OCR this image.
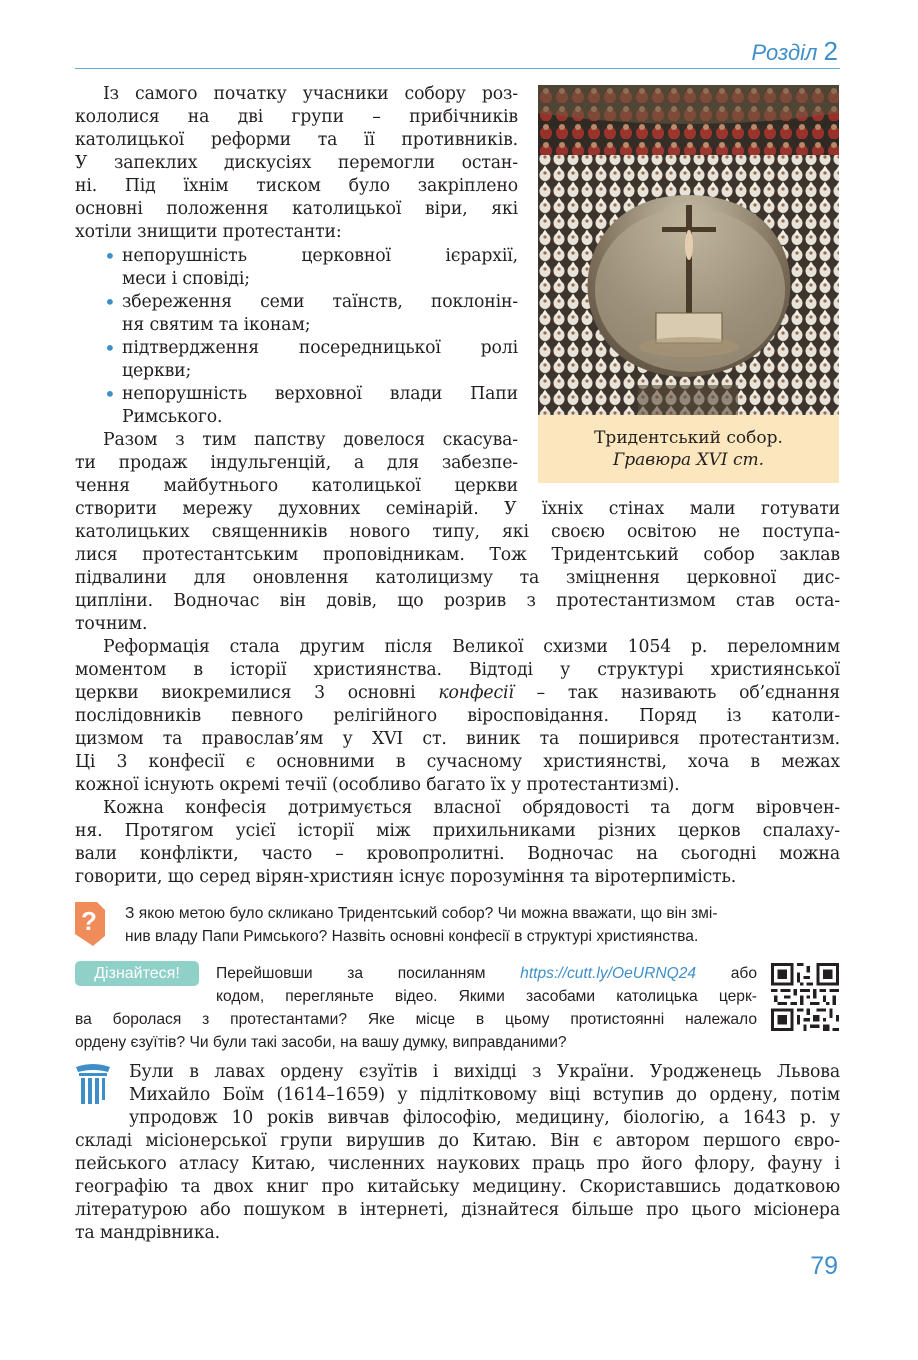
Розділ 2

Із самого початку учасники собору роз-

кололися на дві групи – прибічників

католицької реформи та її противників.

У запеклих дискусіях перемогли остан-

ні. Під їхнім тиском було закріплено

основні положення католицької віри, які

хотіли знищити протестанти:

• непорушність церковної ієрархії,

меси і сповіді;

• збереження семи таїнств, поклонін-

ня святим та іконам;

• підтвердження посередницької ролі

церкви;

• непорушність верховної влади Папи

Римського.

Разом з тим папству довелося скасува-

ти продаж індульгенцій, а для забезпе-

чення майбутнього католицької церкви

створити мережу духовних семінарій. У їхніх стінах мали готувати

католицьких священників нового типу, які своєю освітою не поступа-

лися протестантським проповідникам. Тож Тридентський собор заклав

підвалини для оновлення католицизму та зміцнення церковної дис-

ципліни. Водночас він довів, що розрив з протестантизмом став оста-

точним.

Реформація стала другим після Великої схизми 1054 р. переломним

моментом в історії християнства. Відтоді у структурі християнської

церкви виокремилися 3 основні конфесії – так називають об’єднання

послідовників певного релігійного віросповідання. Поряд із католи-

цизмом та православ’ям у XVI ст. виник та поширився протестантизм.

Ці 3 конфесії є основними в сучасному християнстві, хоча в межах

кожної існують окремі течії (особливо багато їх у протестантизмі).

Кожна конфесія дотримується власної обрядовості та догм віровчен-

ня. Протягом усієї історії між прихильниками різних церков спалаху-

вали конфлікти, часто – кровопролитні. Водночас на сьогодні можна

говорити, що серед вірян-християн існує порозуміння та віротерпимість.

Тридентський собор.
Гравюра XVI ст.
? З якою метою було скликано Тридентський собор? Чи можна вважати, що він змі-
нив владу Папи Римського? Назвіть основні конфесії в структурі християнства.
Дізнайтеся!	Перейшовши за посиланням https://cutt.ly/OeURNQ24 або

кодом, перегляньте відео. Якими засобами католицька церк-

ва боролася з протестантами? Яке місце в цьому протистоянні належало

ордену єзуїтів? Чи були такі засоби, на вашу думку, виправданими?

Були в лавах ордену єзуїтів і вихідці з України. Уродженець Львова

Михайло Боїм (1614–1659) у підлітковому віці вступив до ордену, потім

упродовж 10 років вивчав філософію, медицину, біологію, а 1643 р. у

складі місіонерської групи вирушив до Китаю. Він є автором першого євро-

пейського атласу Китаю, численних наукових праць про його флору, фауну і

географію та двох книг про китайську медицину. Скориставшись додатковою

літературою або пошуком в інтернеті, дізнайтеся більше про цього місіонера

та мандрівника.

79
